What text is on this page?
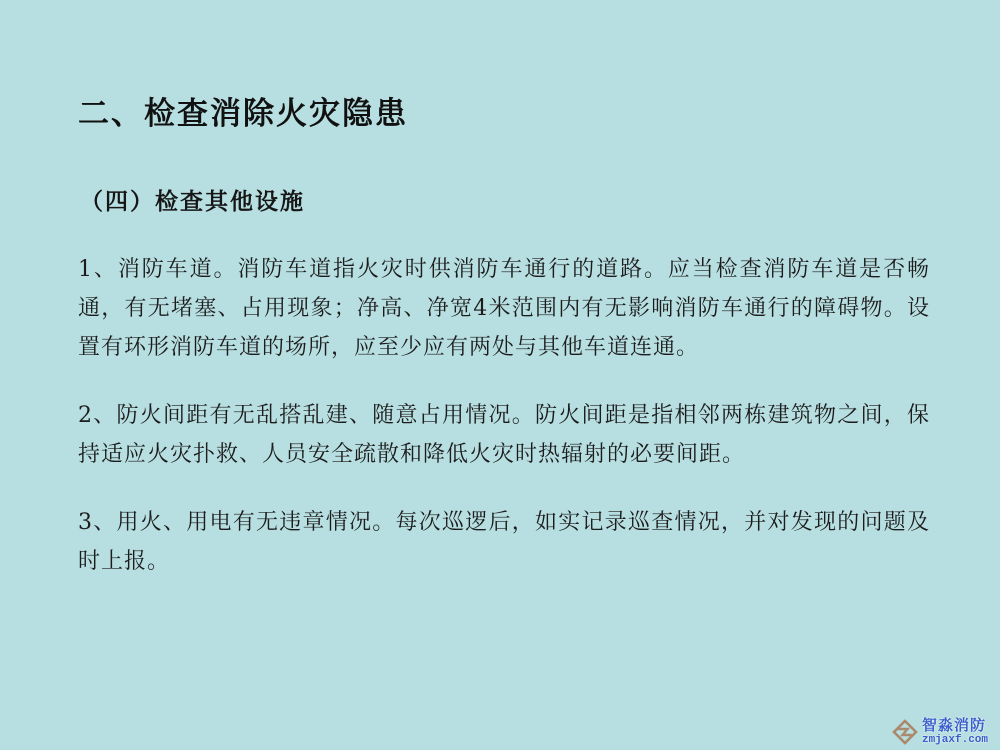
二、检查消除火灾隐患
（四）检查其他设施

1、消防车道。消防车道指火灾时供消防车通行的道路。应当检查消防车道是否畅通，有无堵塞、占用现象；净高、净宽4米范围内有无影响消防车通行的障碍物。设置有环形消防车道的场所，应至少应有两处与其他车道连通。

2、防火间距有无乱搭乱建、随意占用情况。防火间距是指相邻两栋建筑物之间，保持适应火灾扑救、人员安全疏散和降低火灾时热辐射的必要间距。

3、用火、用电有无违章情况。每次巡逻后，如实记录巡查情况，并对发现的问题及时上报。

智淼消防
zmjaxf.com
